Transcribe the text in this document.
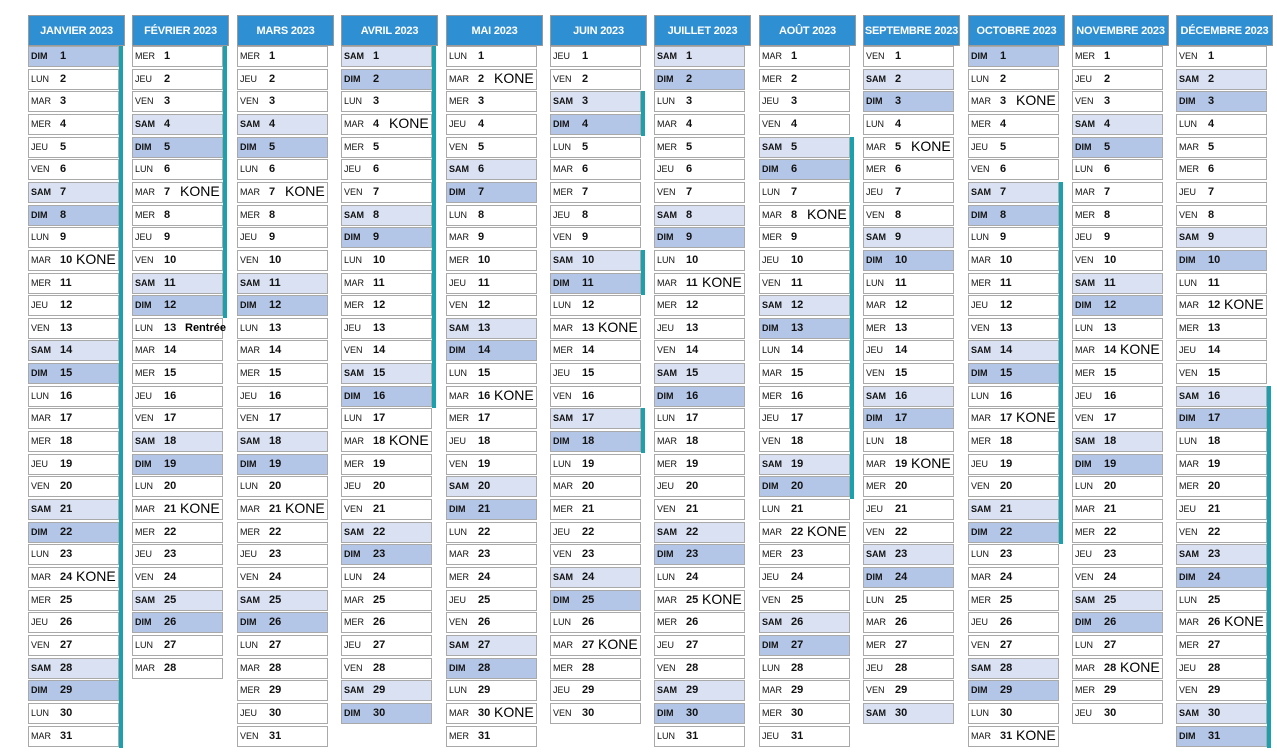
JANVIER 2023
DIM 1
LUN 2
MAR 3
MER 4
JEU 5
VEN 6
SAM 7
DIM 8
LUN 9
MAR 10 KONE
MER 11
JEU 12
VEN 13
SAM 14
DIM 15
LUN 16
MAR 17
MER 18
JEU 19
VEN 20
SAM 21
DIM 22
LUN 23
MAR 24 KONE
MER 25
JEU 26
VEN 27
SAM 28
DIM 29
LUN 30
MAR 31
FÉVRIER 2023
MER 1
JEU 2
VEN 3
SAM 4
DIM 5
LUN 6
MAR 7 KONE
MER 8
JEU 9
VEN 10
SAM 11
DIM 12
LUN 13 Rentrée
MAR 14
MER 15
JEU 16
VEN 17
SAM 18
DIM 19
LUN 20
MAR 21 KONE
MER 22
JEU 23
VEN 24
SAM 25
DIM 26
LUN 27
MAR 28
MARS 2023
MER 1
JEU 2
VEN 3
SAM 4
DIM 5
LUN 6
MAR 7 KONE
MER 8
JEU 9
VEN 10
SAM 11
DIM 12
LUN 13
MAR 14
MER 15
JEU 16
VEN 17
SAM 18
DIM 19
LUN 20
MAR 21 KONE
MER 22
JEU 23
VEN 24
SAM 25
DIM 26
LUN 27
MAR 28
MER 29
JEU 30
VEN 31
AVRIL 2023
SAM 1
DIM 2
LUN 3
MAR 4 KONE
MER 5
JEU 6
VEN 7
SAM 8
DIM 9
LUN 10
MAR 11
MER 12
JEU 13
VEN 14
SAM 15
DIM 16
LUN 17
MAR 18 KONE
MER 19
JEU 20
VEN 21
SAM 22
DIM 23
LUN 24
MAR 25
MER 26
JEU 27
VEN 28
SAM 29
DIM 30
MAI 2023
LUN 1
MAR 2 KONE
MER 3
JEU 4
VEN 5
SAM 6
DIM 7
LUN 8
MAR 9
MER 10
JEU 11
VEN 12
SAM 13
DIM 14
LUN 15
MAR 16 KONE
MER 17
JEU 18
VEN 19
SAM 20
DIM 21
LUN 22
MAR 23
MER 24
JEU 25
VEN 26
SAM 27
DIM 28
LUN 29
MAR 30 KONE
MER 31
JUIN 2023
JEU 1
VEN 2
SAM 3
DIM 4
LUN 5
MAR 6
MER 7
JEU 8
VEN 9
SAM 10
DIM 11
LUN 12
MAR 13 KONE
MER 14
JEU 15
VEN 16
SAM 17
DIM 18
LUN 19
MAR 20
MER 21
JEU 22
VEN 23
SAM 24
DIM 25
LUN 26
MAR 27 KONE
MER 28
JEU 29
VEN 30
JUILLET 2023
SAM 1
DIM 2
LUN 3
MAR 4
MER 5
JEU 6
VEN 7
SAM 8
DIM 9
LUN 10
MAR 11 KONE
MER 12
JEU 13
VEN 14
SAM 15
DIM 16
LUN 17
MAR 18
MER 19
JEU 20
VEN 21
SAM 22
DIM 23
LUN 24
MAR 25 KONE
MER 26
JEU 27
VEN 28
SAM 29
DIM 30
LUN 31
AOÛT 2023
MAR 1
MER 2
JEU 3
VEN 4
SAM 5
DIM 6
LUN 7
MAR 8 KONE
MER 9
JEU 10
VEN 11
SAM 12
DIM 13
LUN 14
MAR 15
MER 16
JEU 17
VEN 18
SAM 19
DIM 20
LUN 21
MAR 22 KONE
MER 23
JEU 24
VEN 25
SAM 26
DIM 27
LUN 28
MAR 29
MER 30
JEU 31
SEPTEMBRE 2023
VEN 1
SAM 2
DIM 3
LUN 4
MAR 5 KONE
MER 6
JEU 7
VEN 8
SAM 9
DIM 10
LUN 11
MAR 12
MER 13
JEU 14
VEN 15
SAM 16
DIM 17
LUN 18
MAR 19 KONE
MER 20
JEU 21
VEN 22
SAM 23
DIM 24
LUN 25
MAR 26
MER 27
JEU 28
VEN 29
SAM 30
OCTOBRE 2023
DIM 1
LUN 2
MAR 3 KONE
MER 4
JEU 5
VEN 6
SAM 7
DIM 8
LUN 9
MAR 10
MER 11
JEU 12
VEN 13
SAM 14
DIM 15
LUN 16
MAR 17 KONE
MER 18
JEU 19
VEN 20
SAM 21
DIM 22
LUN 23
MAR 24
MER 25
JEU 26
VEN 27
SAM 28
DIM 29
LUN 30
MAR 31 KONE
NOVEMBRE 2023
MER 1
JEU 2
VEN 3
SAM 4
DIM 5
LUN 6
MAR 7
MER 8
JEU 9
VEN 10
SAM 11
DIM 12
LUN 13
MAR 14 KONE
MER 15
JEU 16
VEN 17
SAM 18
DIM 19
LUN 20
MAR 21
MER 22
JEU 23
VEN 24
SAM 25
DIM 26
LUN 27
MAR 28 KONE
MER 29
JEU 30
DÉCEMBRE 2023
VEN 1
SAM 2
DIM 3
LUN 4
MAR 5
MER 6
JEU 7
VEN 8
SAM 9
DIM 10
LUN 11
MAR 12 KONE
MER 13
JEU 14
VEN 15
SAM 16
DIM 17
LUN 18
MAR 19
MER 20
JEU 21
VEN 22
SAM 23
DIM 24
LUN 25
MAR 26 KONE
MER 27
JEU 28
VEN 29
SAM 30
DIM 31
